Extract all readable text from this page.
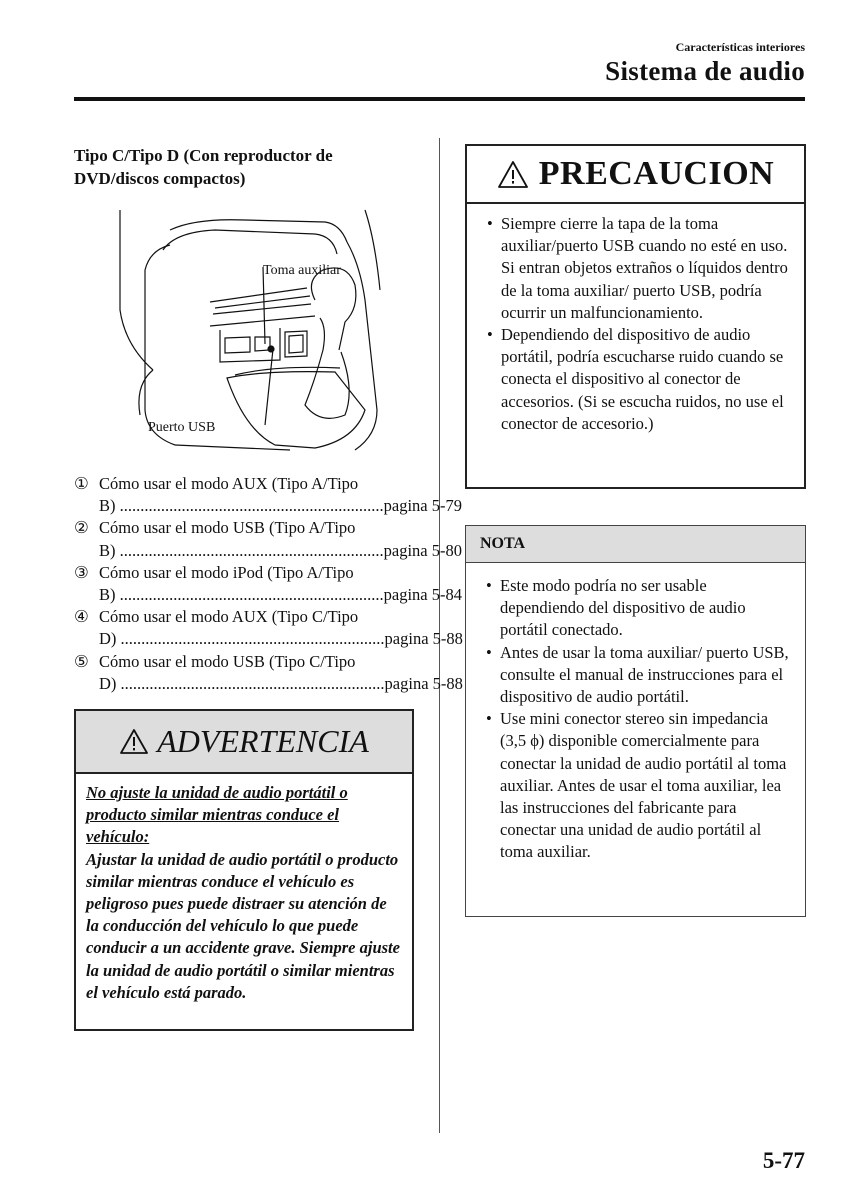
Características interiores
Sistema de audio
Tipo C/Tipo D (Con reproductor de DVD/discos compactos)
Toma auxiliar
Puerto USB
① Cómo usar el modo AUX (Tipo A/Tipo
B) ................................................................ pagina 5-79
② Cómo usar el modo USB (Tipo A/Tipo
B) ................................................................ pagina 5-80
③ Cómo usar el modo iPod (Tipo A/Tipo
B) ................................................................ pagina 5-84
④ Cómo usar el modo AUX (Tipo C/Tipo
D) ................................................................ pagina 5-88
⑤ Cómo usar el modo USB (Tipo C/Tipo
D) ................................................................ pagina 5-88
ADVERTENCIA
No ajuste la unidad de audio portátil o producto similar mientras conduce el vehículo:
Ajustar la unidad de audio portátil o producto similar mientras conduce el vehículo es peligroso pues puede distraer su atención de la conducción del vehículo lo que puede conducir a un accidente grave. Siempre ajuste la unidad de audio portátil o similar mientras el vehículo está parado.
PRECAUCION
• Siempre cierre la tapa de la toma auxiliar/puerto USB cuando no esté en uso. Si entran objetos extraños o líquidos dentro de la toma auxiliar/ puerto USB, podría ocurrir un malfuncionamiento.
• Dependiendo del dispositivo de audio portátil, podría escucharse ruido cuando se conecta el dispositivo al conector de accesorios. (Si se escucha ruidos, no use el conector de accesorio.)
NOTA
• Este modo podría no ser usable dependiendo del dispositivo de audio portátil conectado.
• Antes de usar la toma auxiliar/ puerto USB, consulte el manual de instrucciones para el dispositivo de audio portátil.
• Use mini conector stereo sin impedancia (3,5 ϕ) disponible comercialmente para conectar la unidad de audio portátil al toma auxiliar. Antes de usar el toma auxiliar, lea las instrucciones del fabricante para conectar una unidad de audio portátil al toma auxiliar.
5-77
